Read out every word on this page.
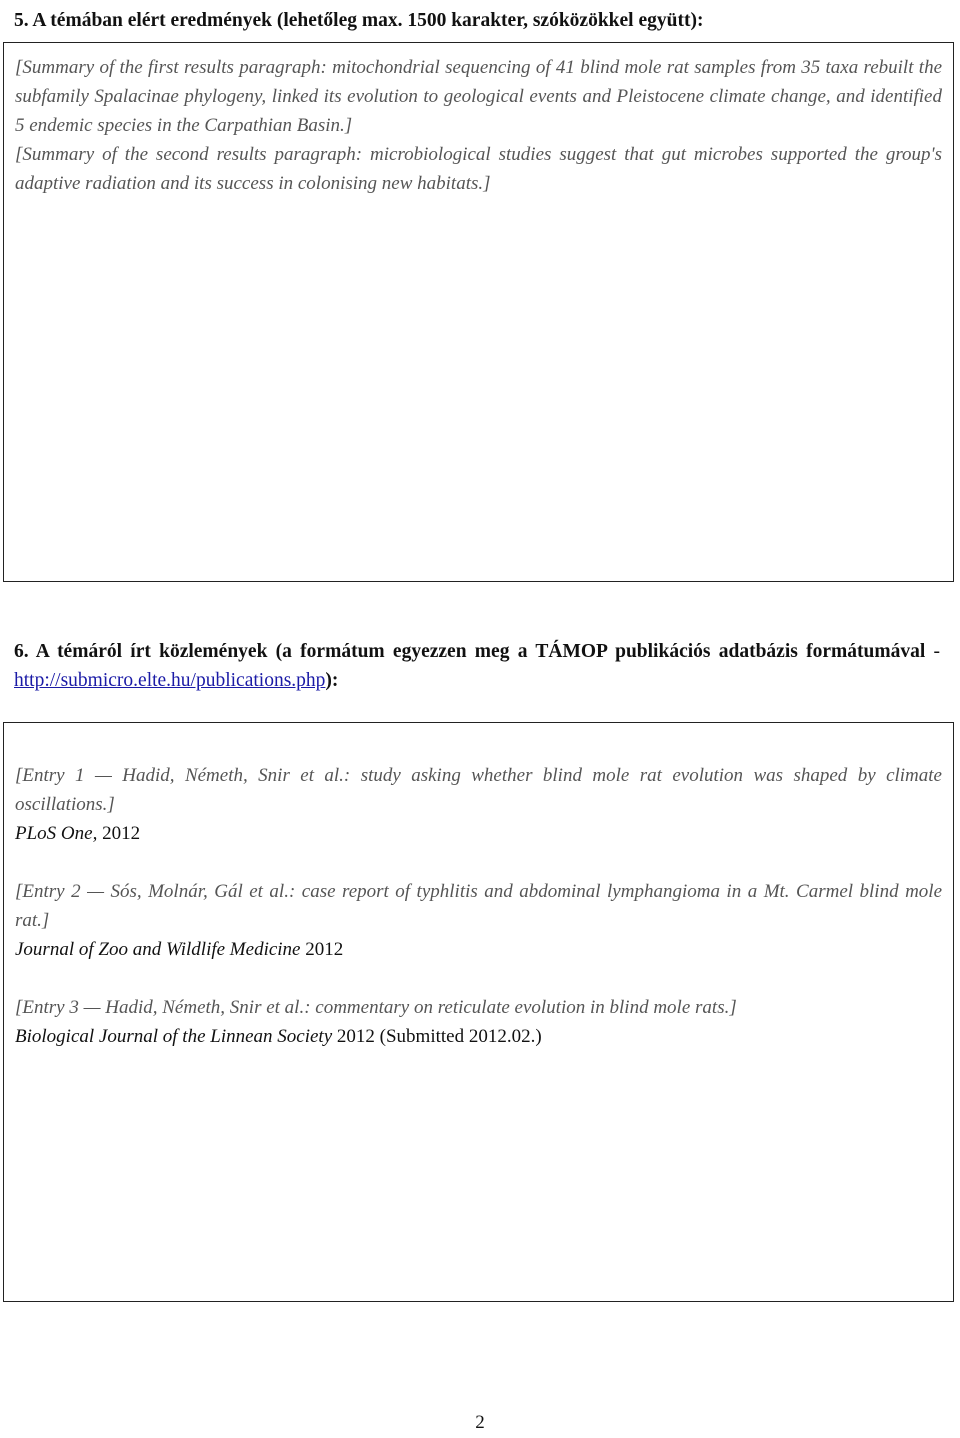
5. A témában elért eredmények (lehetőleg max. 1500 karakter, szóközökkel együtt):

[Summary of the first results paragraph: mitochondrial sequencing of 41 blind mole rat samples from 35 taxa rebuilt the subfamily Spalacinae phylogeny, linked its evolution to geological events and Pleistocene climate change, and identified 5 endemic species in the Carpathian Basin.]

[Summary of the second results paragraph: microbiological studies suggest that gut microbes supported the group's adaptive radiation and its success in colonising new habitats.]

6. A témáról írt közlemények (a formátum egyezzen meg a TÁMOP publikációs adatbázis formátumával - http://submicro.elte.hu/publications.php):
[Entry 1 — Hadid, Németh, Snir et al.: study asking whether blind mole rat evolution was shaped by climate oscillations.]
PLoS One, 2012
[Entry 2 — Sós, Molnár, Gál et al.: case report of typhlitis and abdominal lymphangioma in a Mt. Carmel blind mole rat.]
Journal of Zoo and Wildlife Medicine 2012
[Entry 3 — Hadid, Németh, Snir et al.: commentary on reticulate evolution in blind mole rats.]
Biological Journal of the Linnean Society 2012 (Submitted 2012.02.)
2
